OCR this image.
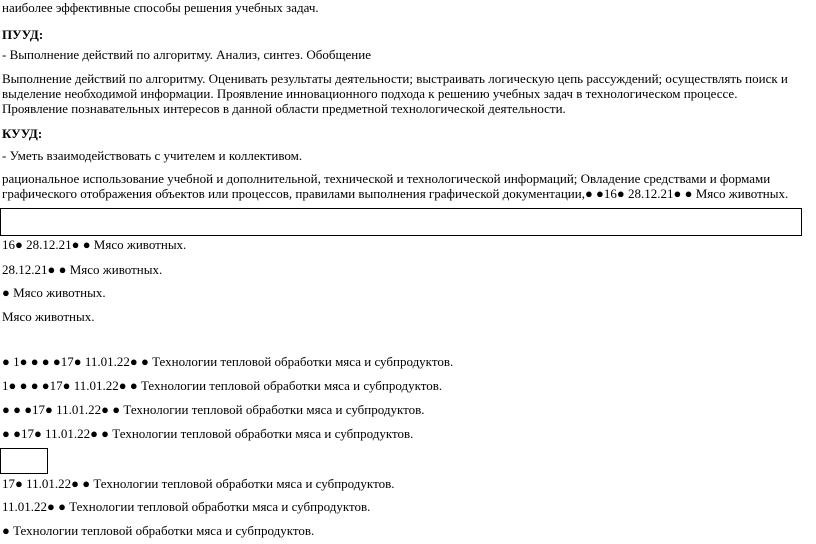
наиболее эффективные способы решения учебных задач.
ПУУД:
- Выполнение действий по алгоритму. Анализ, синтез. Обобщение
Выполнение действий по алгоритму. Оценивать результаты деятельности; выстраивать логическую цепь рассуждений; осуществлять поиск и
выделение необходимой информации. Проявление инновационного подхода к решению учебных задач в технологическом процессе.
Проявление познавательных интересов в данной области предметной технологической деятельности.
КУУД:
- Уметь взаимодействовать с учителем и коллективом.
рациональное использование учебной и дополнительной, технической и технологической информаций; Овладение средствами и формами
графического отображения объектов или процессов, правилами выполнения графической документации,● ●16● 28.12.21● ● Мясо животных.
16● 28.12.21● ● Мясо животных.
28.12.21● ● Мясо животных.
● Мясо животных.
Мясо животных.
● 1● ● ● ●17● 11.01.22● ● Технологии тепловой обработки мяса и субпродуктов.
1● ● ● ●17● 11.01.22● ● Технологии тепловой обработки мяса и субпродуктов.
● ● ●17● 11.01.22● ● Технологии тепловой обработки мяса и субпродуктов.
● ●17● 11.01.22● ● Технологии тепловой обработки мяса и субпродуктов.
17● 11.01.22● ● Технологии тепловой обработки мяса и субпродуктов.
11.01.22● ● Технологии тепловой обработки мяса и субпродуктов.
● Технологии тепловой обработки мяса и субпродуктов.
